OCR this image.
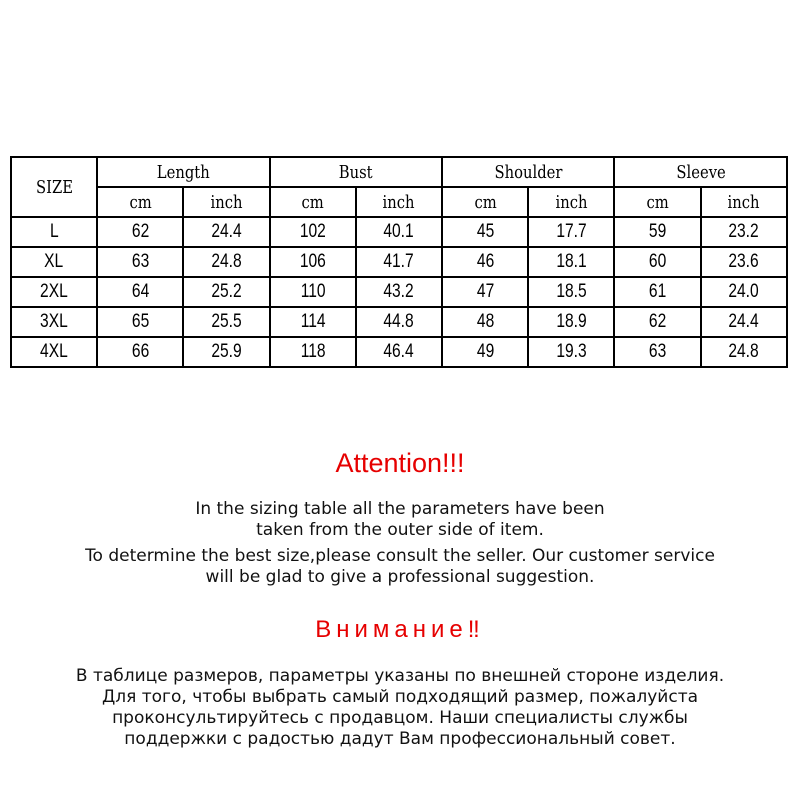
SIZE	Length		Bust		Shoulder		Sleeve	
	cm	inch	cm	inch	cm	inch	cm	inch
L	62	24.4	102	40.1	45	17.7	59	23.2
XL	63	24.8	106	41.7	46	18.1	60	23.6
2XL	64	25.2	110	43.2	47	18.5	61	24.0
3XL	65	25.5	114	44.8	48	18.9	62	24.4
4XL	66	25.9	118	46.4	49	19.3	63	24.8
Attention!!!
In the sizing table all the parameters have been
taken from the outer side of item.
To determine the best size,please consult the seller. Our customer service
will be glad to give a professional suggestion.
Внимание‼
В таблице размеров, параметры указаны по внешней стороне изделия.
Для того, чтобы выбрать самый подходящий размер, пожалуйста
проконсультируйтесь с продавцом. Наши специалисты службы
поддержки с радостью дадут Вам профессиональный совет.
